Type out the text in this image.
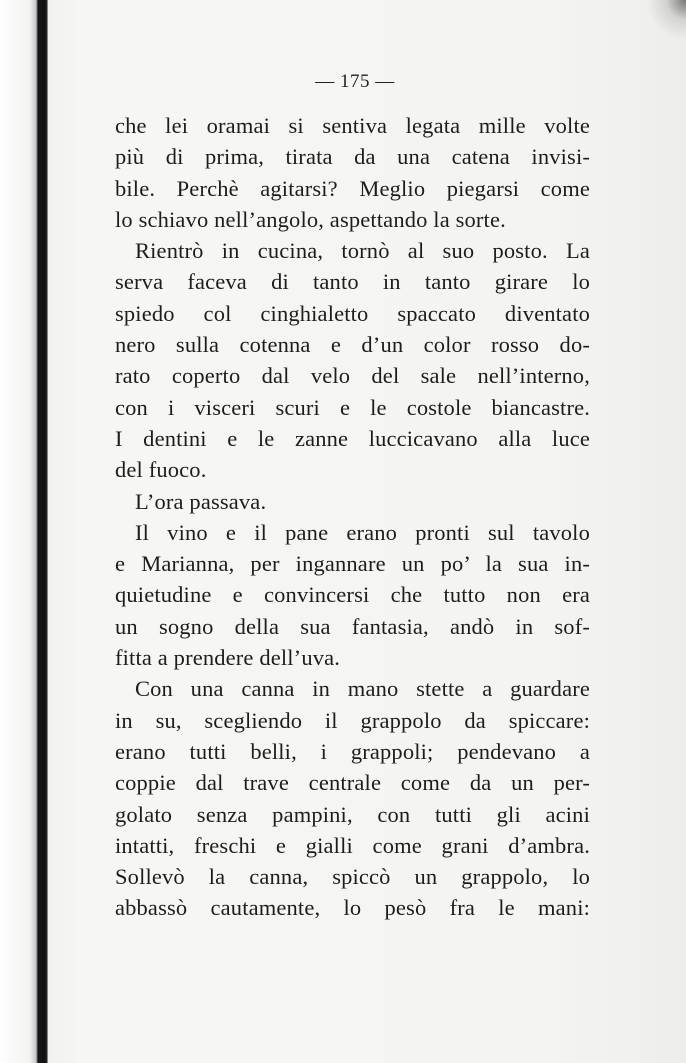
— 175 —
che lei oramai si sentiva legata mille volte
più di prima, tirata da una catena invisi-
bile. Perchè agitarsi? Meglio piegarsi come
lo schiavo nell’angolo, aspettando la sorte.
Rientrò in cucina, tornò al suo posto. La
serva faceva di tanto in tanto girare lo
spiedo col cinghialetto spaccato diventato
nero sulla cotenna e d’un color rosso do-
rato coperto dal velo del sale nell’interno,
con i visceri scuri e le costole biancastre.
I dentini e le zanne luccicavano alla luce
del fuoco.
L’ora passava.
Il vino e il pane erano pronti sul tavolo
e Marianna, per ingannare un po’ la sua in-
quietudine e convincersi che tutto non era
un sogno della sua fantasia, andò in sof-
fitta a prendere dell’uva.
Con una canna in mano stette a guardare
in su, scegliendo il grappolo da spiccare:
erano tutti belli, i grappoli; pendevano a
coppie dal trave centrale come da un per-
golato senza pampini, con tutti gli acini
intatti, freschi e gialli come grani d’ambra.
Sollevò la canna, spiccò un grappolo, lo
abbassò cautamente, lo pesò fra le mani:
